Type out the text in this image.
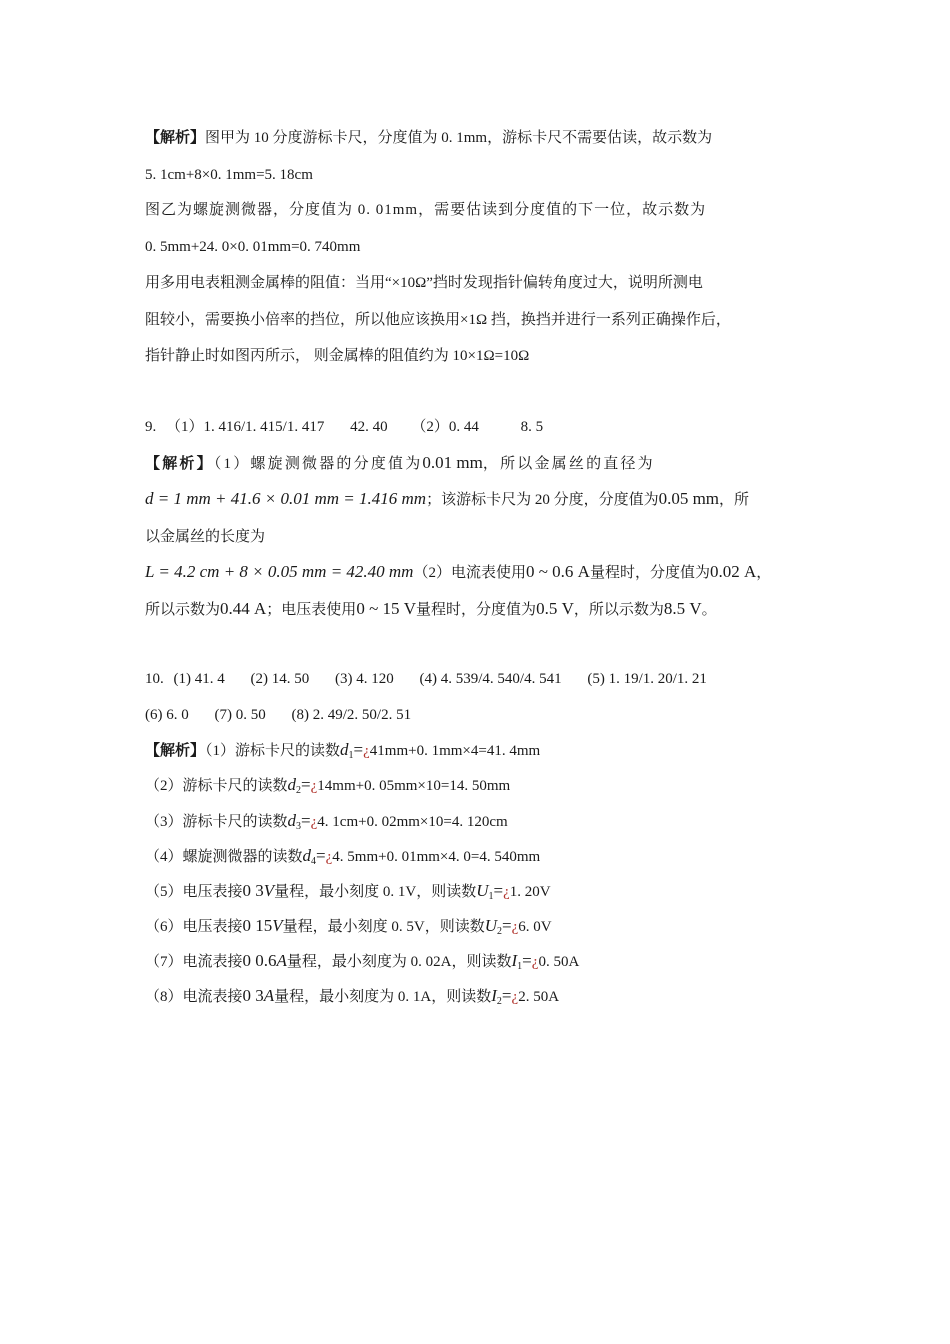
【解析】图甲为 10 分度游标卡尺，分度值为 0. 1mm，游标卡尺不需要估读，故示数为
5. 1cm+8×0. 1mm=5. 18cm
图乙为螺旋测微器，分度值为 0. 01mm，需要估读到分度值的下一位，故示数为
0. 5mm+24. 0×0. 01mm=0. 740mm
用多用电表粗测金属棒的阻值：当用“×10Ω”挡时发现指针偏转角度过大，说明所测电
阻较小，需要换小倍率的挡位，所以他应该换用×1Ω 挡，换挡并进行一系列正确操作后，
指针静止时如图丙所示， 则金属棒的阻值约为 10×1Ω=10Ω
9. （1）1. 416/1. 415/1. 417 42. 40 （2）0. 44	8. 5
【解析】（1）螺旋测微器的分度值为0.01 mm，所以金属丝的直径为
d = 1 mm + 41.6 × 0.01 mm = 1.416 mm；该游标卡尺为 20 分度，分度值为0.05 mm，所
以金属丝的长度为
L = 4.2 cm + 8 × 0.05 mm = 42.40 mm（2）电流表使用0 ~ 0.6 A量程时，分度值为0.02 A，
所以示数为0.44 A；电压表使用0 ~ 15 V量程时，分度值为0.5 V，所以示数为8.5 V。
10. (1) 41. 4 (2) 14. 50 (3) 4. 120 (4) 4. 539/4. 540/4. 541 (5) 1. 19/1. 20/1. 21
(6) 6. 0 (7) 0. 50 (8) 2. 49/2. 50/2. 51
【解析】（1）游标卡尺的读数$d_1=¿41mm+0$. 1mm×4=41. 4mm
（2）游标卡尺的读数$d_2=¿14mm+0$. 05mm×10=14. 50mm
（3）游标卡尺的读数$d_3=¿4$. 1cm+0. 02mm×10=4. 120cm
（4）螺旋测微器的读数$d_4=¿4$. 5mm+0. 01mm×4. 0=4. 540mm
（5）电压表接0 3V量程，最小刻度 0. 1V，则读数$U_1=¿1$. 20V
（6）电压表接0 15V量程，最小刻度 0. 5V，则读数$U_2=¿6$. 0V
（7）电流表接0 0.6A量程，最小刻度为 0. 02A，则读数$I_1=¿0$. 50A
（8）电流表接0 3A量程，最小刻度为 0. 1A，则读数$I_2=¿2$. 50A
